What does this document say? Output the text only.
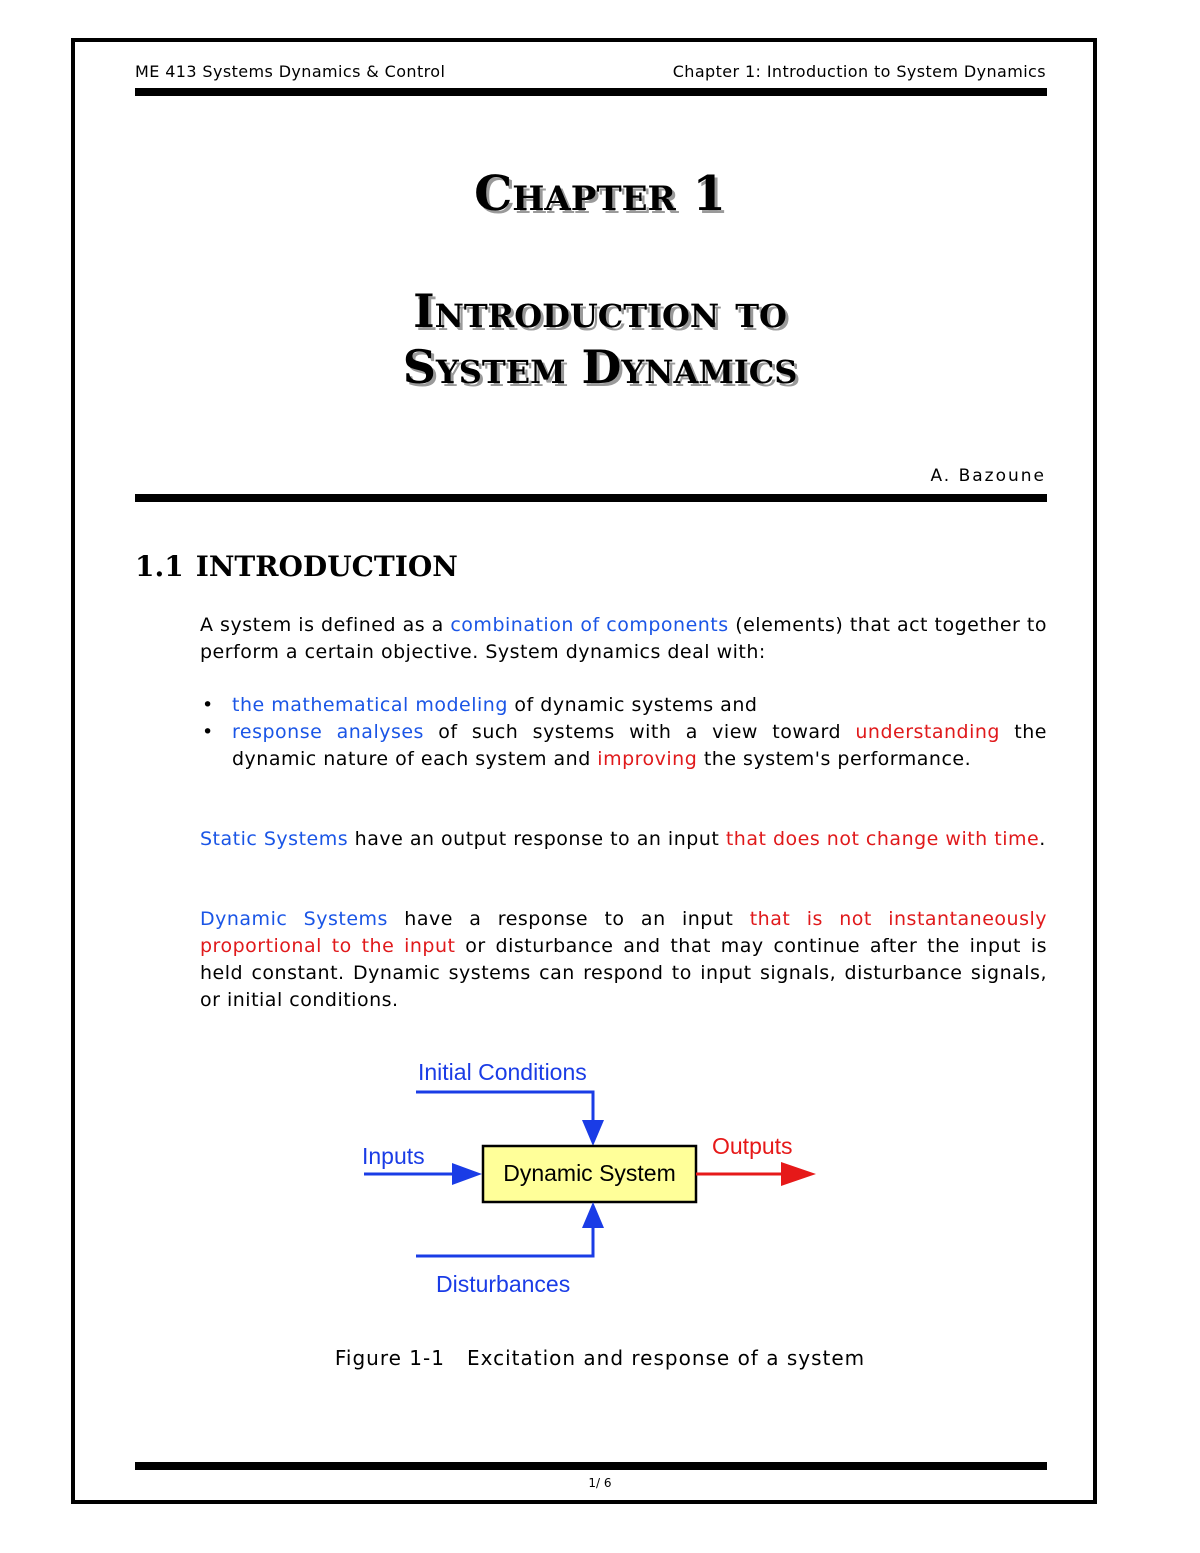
ME 413 Systems Dynamics & Control	Chapter 1: Introduction to System Dynamics
Chapter 1
Introduction to
System Dynamics
A. Bazoune
1.1 INTRODUCTION

A system is defined as a combination of components (elements) that act together to perform a certain objective. System dynamics deal with:

• the mathematical modeling of dynamic systems and
• response analyses of such systems with a view toward understanding the dynamic nature of each system and improving the system's performance.

Static Systems have an output response to an input that does not change with time.

Dynamic Systems have a response to an input that is not instantaneously proportional to the input or disturbance and that may continue after the input is held constant. Dynamic systems can respond to input signals, disturbance signals, or initial conditions.

Initial Conditions
Inputs
Dynamic System
Outputs
Disturbances
Figure 1-1 Excitation and response of a system
1/ 6
